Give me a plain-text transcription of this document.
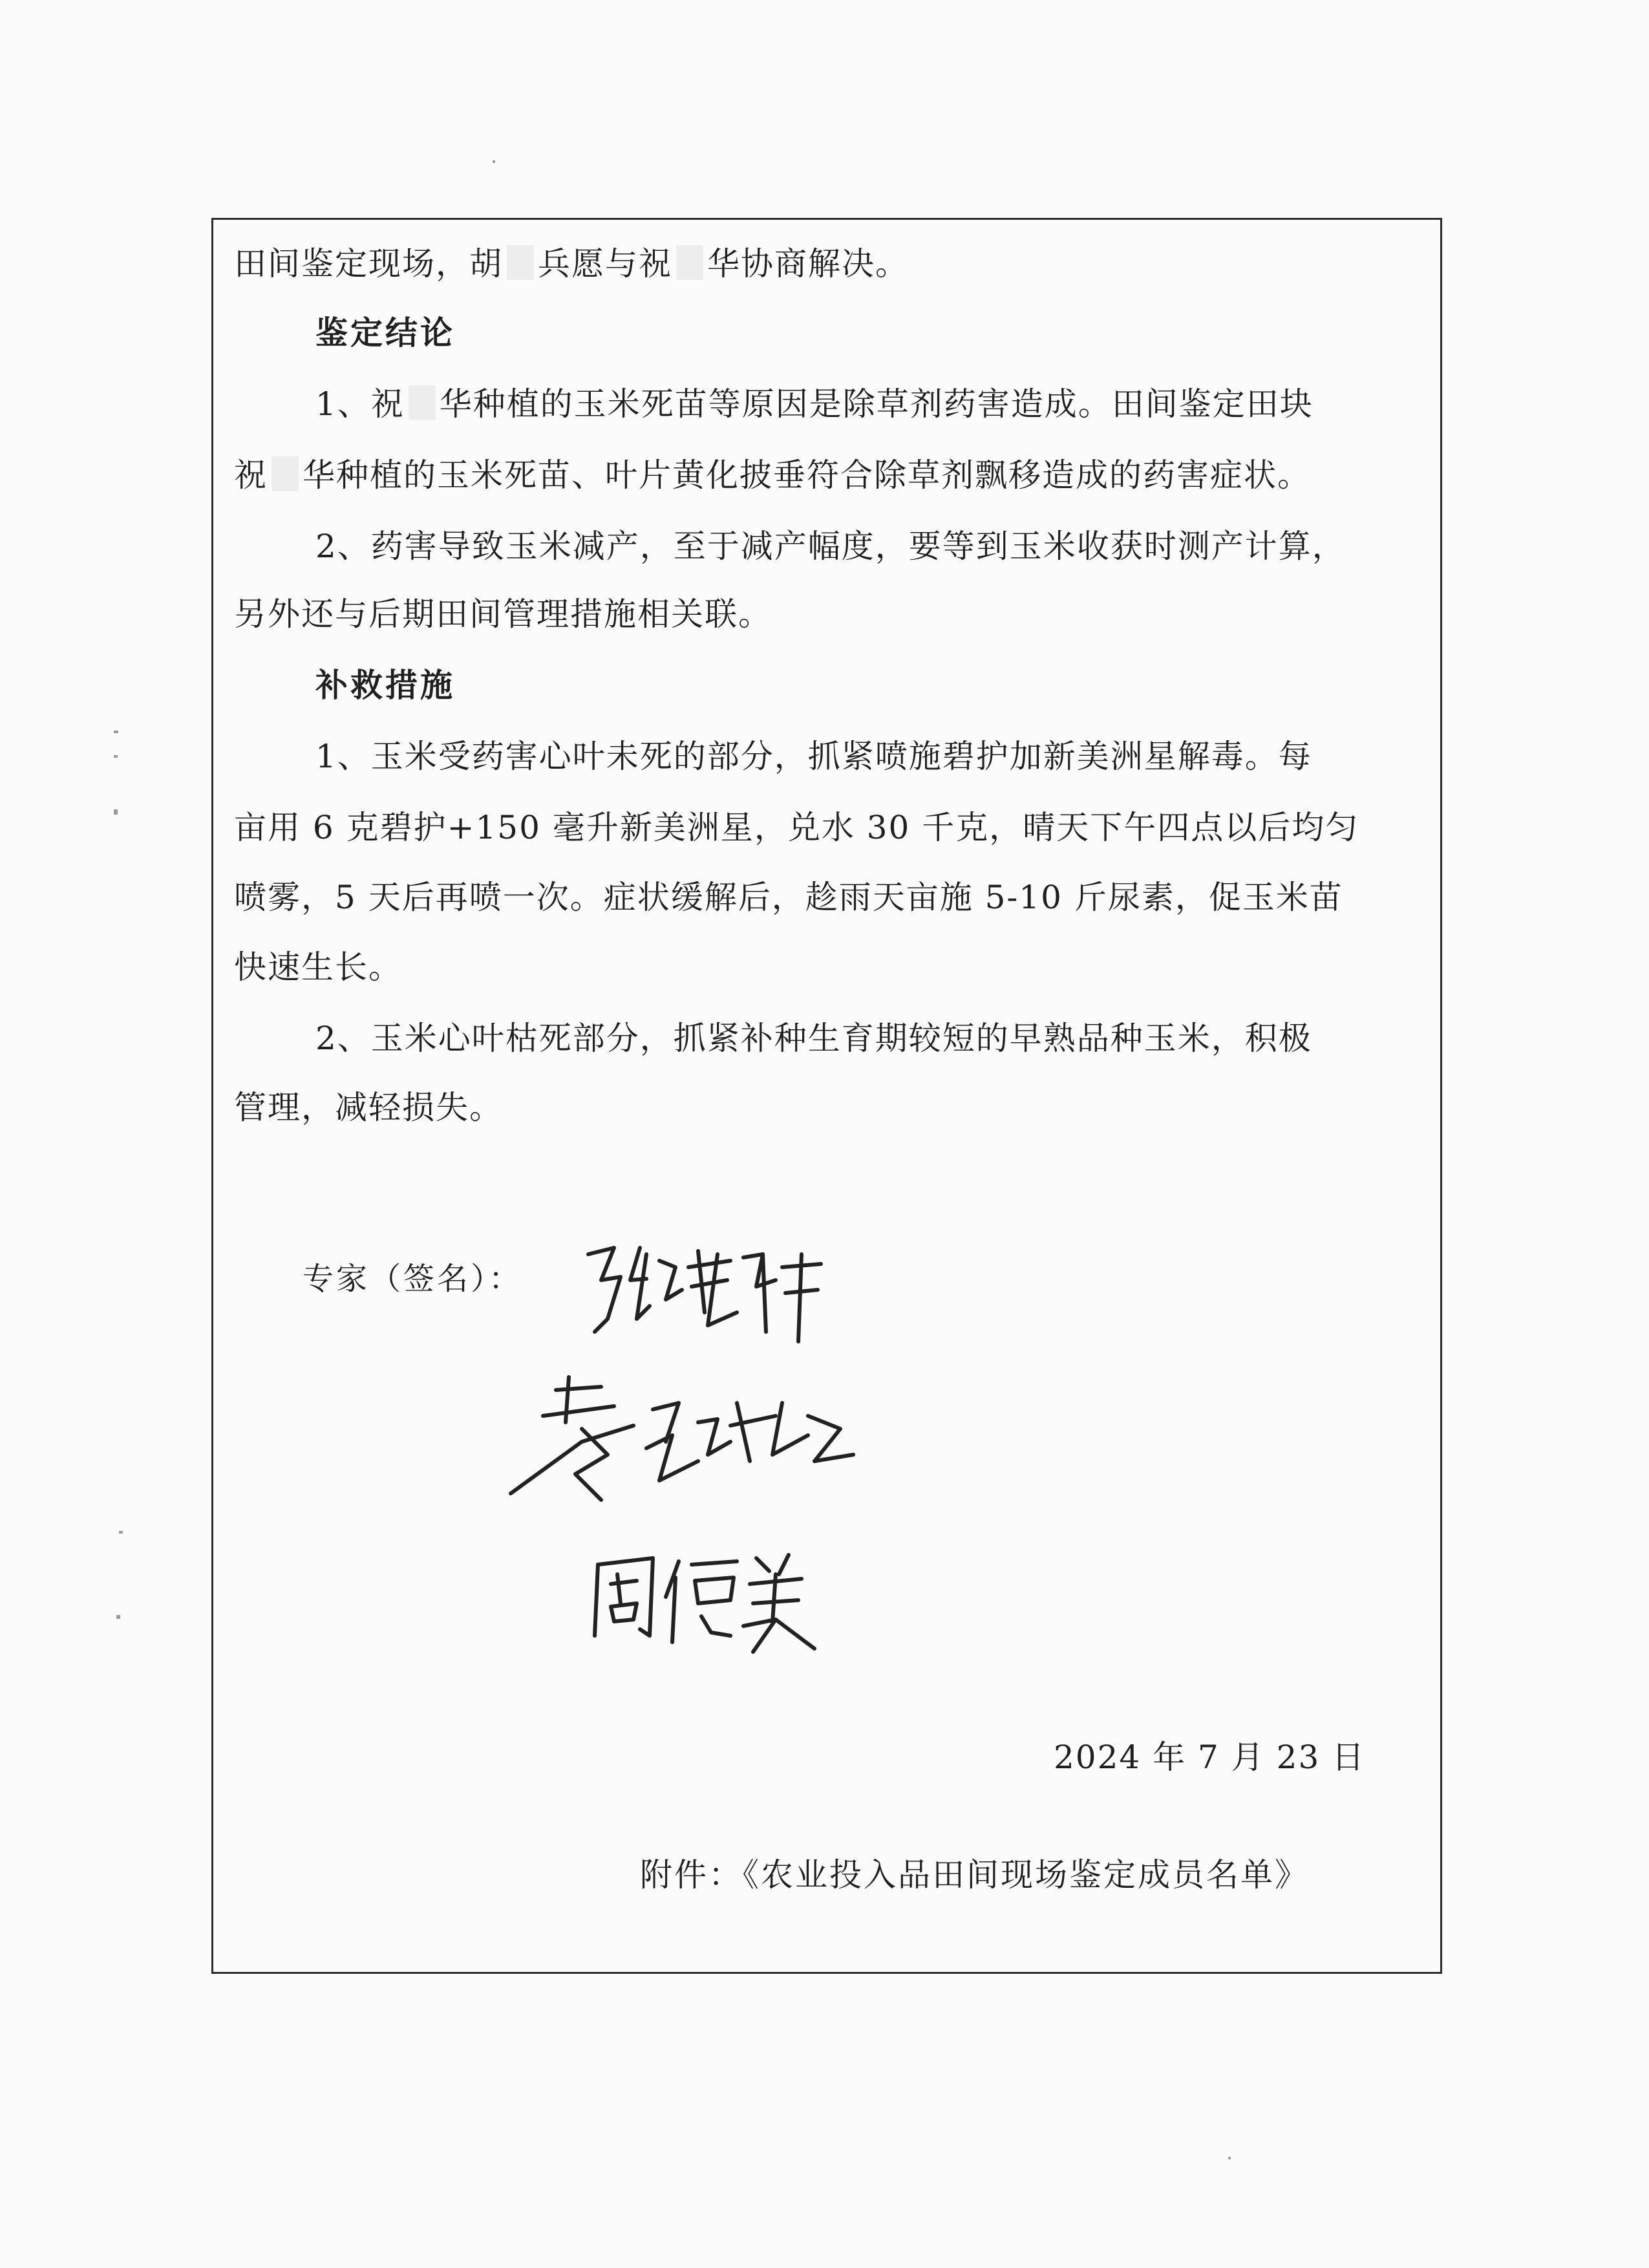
田间鉴定现场，胡 兵愿与祝 华协商解决。
鉴定结论
1、祝 华种植的玉米死苗等原因是除草剂药害造成。田间鉴定田块
祝 华种植的玉米死苗、叶片黄化披垂符合除草剂飘移造成的药害症状。
2、药害导致玉米减产，至于减产幅度，要等到玉米收获时测产计算，
另外还与后期田间管理措施相关联。
补救措施
1、玉米受药害心叶未死的部分，抓紧喷施碧护加新美洲星解毒。每
亩用 6 克碧护+150 毫升新美洲星，兑水 30 千克，晴天下午四点以后均匀
喷雾，5 天后再喷一次。症状缓解后，趁雨天亩施 5-10 斤尿素，促玉米苗
快速生长。
2、玉米心叶枯死部分，抓紧补种生育期较短的早熟品种玉米，积极
管理，减轻损失。
专家（签名）：
2024 年 7 月 23 日
附件：《农业投入品田间现场鉴定成员名单》
